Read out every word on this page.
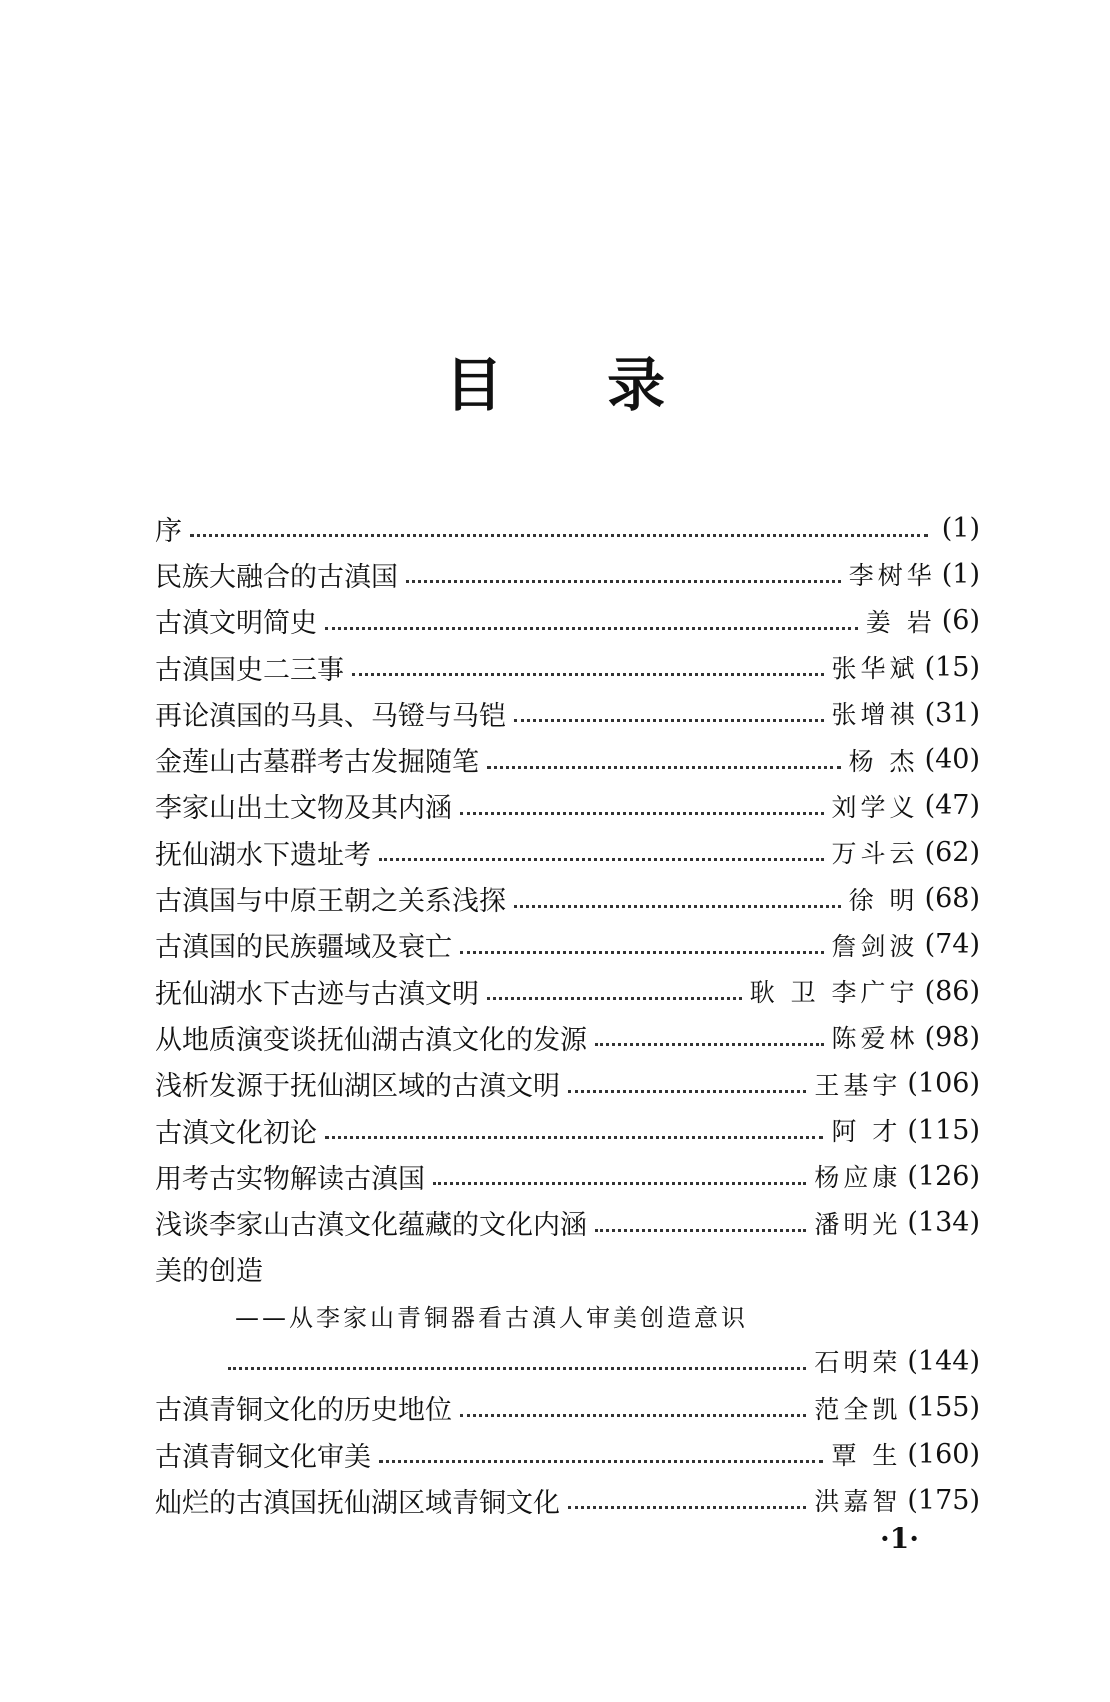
目 录
序	(1)
民族大融合的古滇国	李树华 (1)
古滇文明简史	姜 岩 (6)
古滇国史二三事	张华斌 (15)
再论滇国的马具、马镫与马铠	张增祺 (31)
金莲山古墓群考古发掘随笔	杨 杰 (40)
李家山出土文物及其内涵	刘学义 (47)
抚仙湖水下遗址考	万斗云 (62)
古滇国与中原王朝之关系浅探	徐 明 (68)
古滇国的民族疆域及衰亡	詹剑波 (74)
抚仙湖水下古迹与古滇文明	耿 卫 李广宁 (86)
从地质演变谈抚仙湖古滇文化的发源	陈爱林 (98)
浅析发源于抚仙湖区域的古滇文明	王基宇 (106)
古滇文化初论	阿 才 (115)
用考古实物解读古滇国	杨应康 (126)
浅谈李家山古滇文化蕴藏的文化内涵	潘明光 (134)
美的创造
——从李家山青铜器看古滇人审美创造意识
石明荣 (144)
古滇青铜文化的历史地位	范全凯 (155)
古滇青铜文化审美	覃 生 (160)
灿烂的古滇国抚仙湖区域青铜文化	洪嘉智 (175)
·1·
